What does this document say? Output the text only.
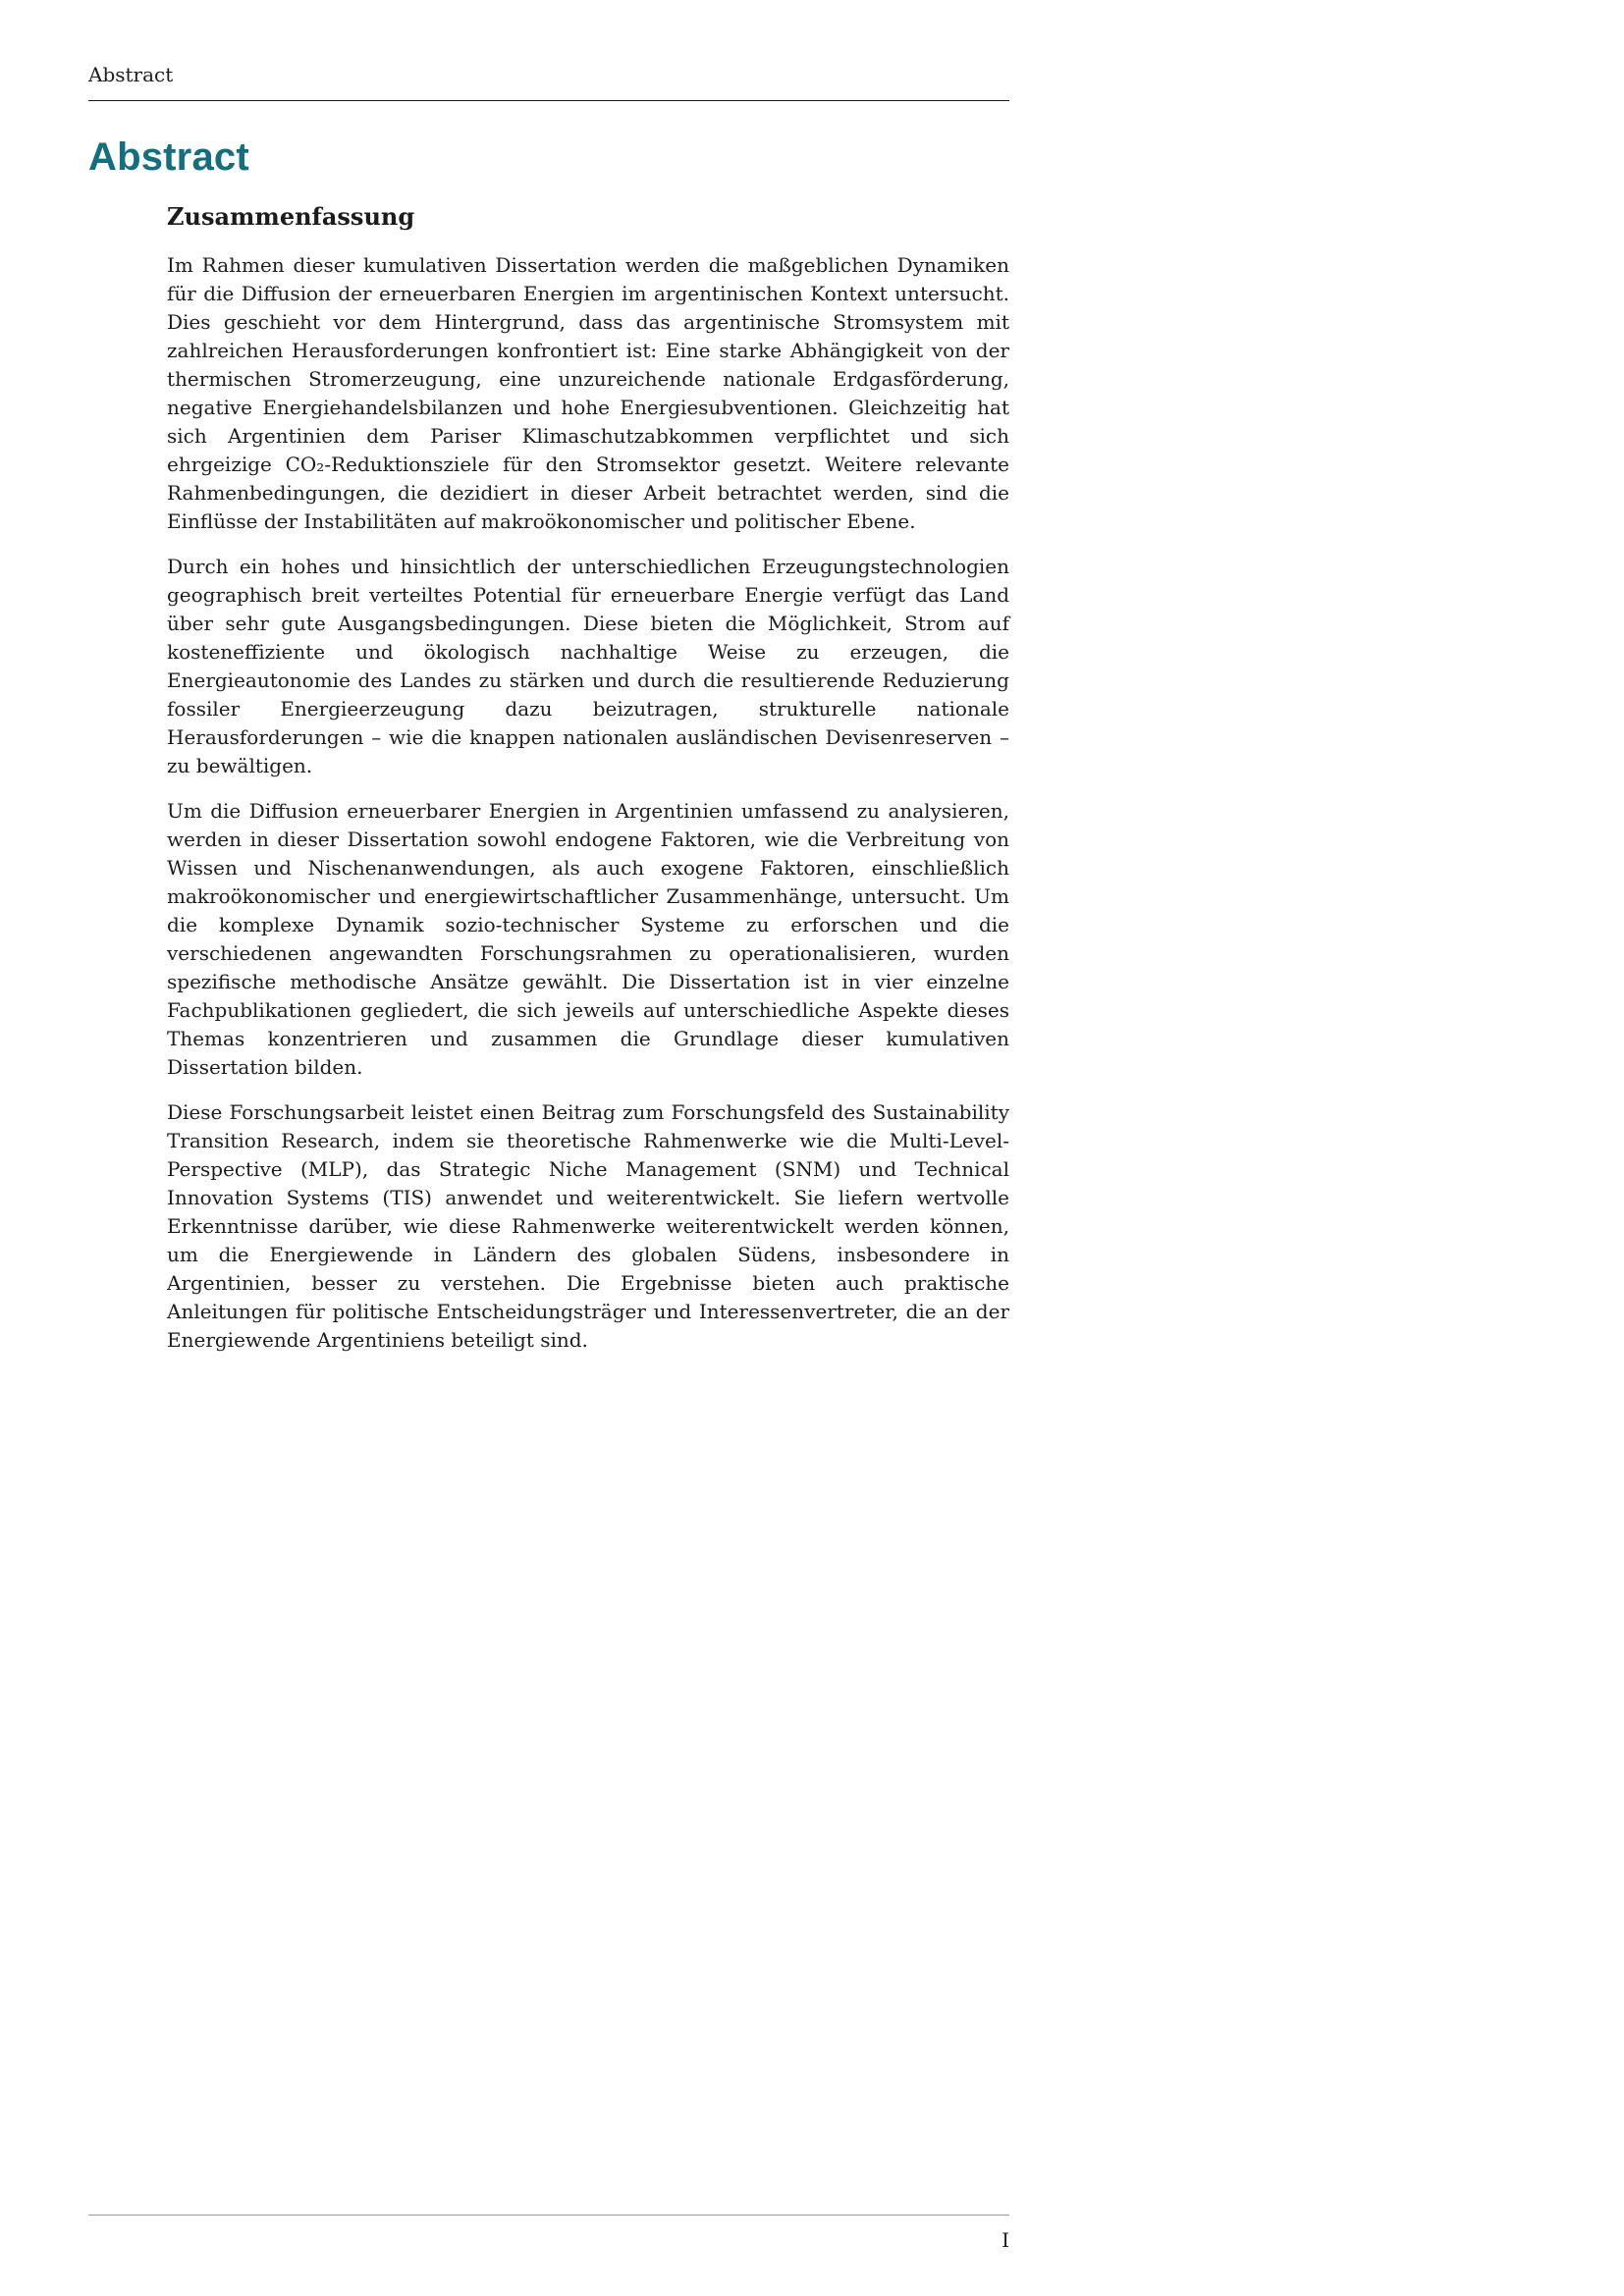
Abstract
Abstract
Zusammenfassung

Im Rahmen dieser kumulativen Dissertation werden die maßgeblichen Dynamiken für die Diffusion der erneuerbaren Energien im argentinischen Kontext untersucht. Dies geschieht vor dem Hintergrund, dass das argentinische Stromsystem mit zahlreichen Herausforderungen konfrontiert ist: Eine starke Abhängigkeit von der thermischen Stromerzeugung, eine unzureichende nationale Erdgasförderung, negative Energiehandelsbilanzen und hohe Energiesubventionen. Gleichzeitig hat sich Argentinien dem Pariser Klimaschutzabkommen verpflichtet und sich ehrgeizige CO₂-Reduktionsziele für den Stromsektor gesetzt. Weitere relevante Rahmenbedingungen, die dezidiert in dieser Arbeit betrachtet werden, sind die Einflüsse der Instabilitäten auf makroökonomischer und politischer Ebene.

Durch ein hohes und hinsichtlich der unterschiedlichen Erzeugungstechnologien geographisch breit verteiltes Potential für erneuerbare Energie verfügt das Land über sehr gute Ausgangsbedingungen. Diese bieten die Möglichkeit, Strom auf kosteneffiziente und ökologisch nachhaltige Weise zu erzeugen, die Energieautonomie des Landes zu stärken und durch die resultierende Reduzierung fossiler Energieerzeugung dazu beizutragen, strukturelle nationale Herausforderungen – wie die knappen nationalen ausländischen Devisenreserven – zu bewältigen.

Um die Diffusion erneuerbarer Energien in Argentinien umfassend zu analysieren, werden in dieser Dissertation sowohl endogene Faktoren, wie die Verbreitung von Wissen und Nischenanwendungen, als auch exogene Faktoren, einschließlich makroökonomischer und energiewirtschaftlicher Zusammenhänge, untersucht. Um die komplexe Dynamik sozio-technischer Systeme zu erforschen und die verschiedenen angewandten Forschungsrahmen zu operationalisieren, wurden spezifische methodische Ansätze gewählt. Die Dissertation ist in vier einzelne Fachpublikationen gegliedert, die sich jeweils auf unterschiedliche Aspekte dieses Themas konzentrieren und zusammen die Grundlage dieser kumulativen Dissertation bilden.

Diese Forschungsarbeit leistet einen Beitrag zum Forschungsfeld des Sustainability Transition Research, indem sie theoretische Rahmenwerke wie die Multi-Level-Perspective (MLP), das Strategic Niche Management (SNM) und Technical Innovation Systems (TIS) anwendet und weiterentwickelt. Sie liefern wertvolle Erkenntnisse darüber, wie diese Rahmenwerke weiterentwickelt werden können, um die Energiewende in Ländern des globalen Südens, insbesondere in Argentinien, besser zu verstehen. Die Ergebnisse bieten auch praktische Anleitungen für politische Entscheidungsträger und Interessenvertreter, die an der Energiewende Argentiniens beteiligt sind.

I
